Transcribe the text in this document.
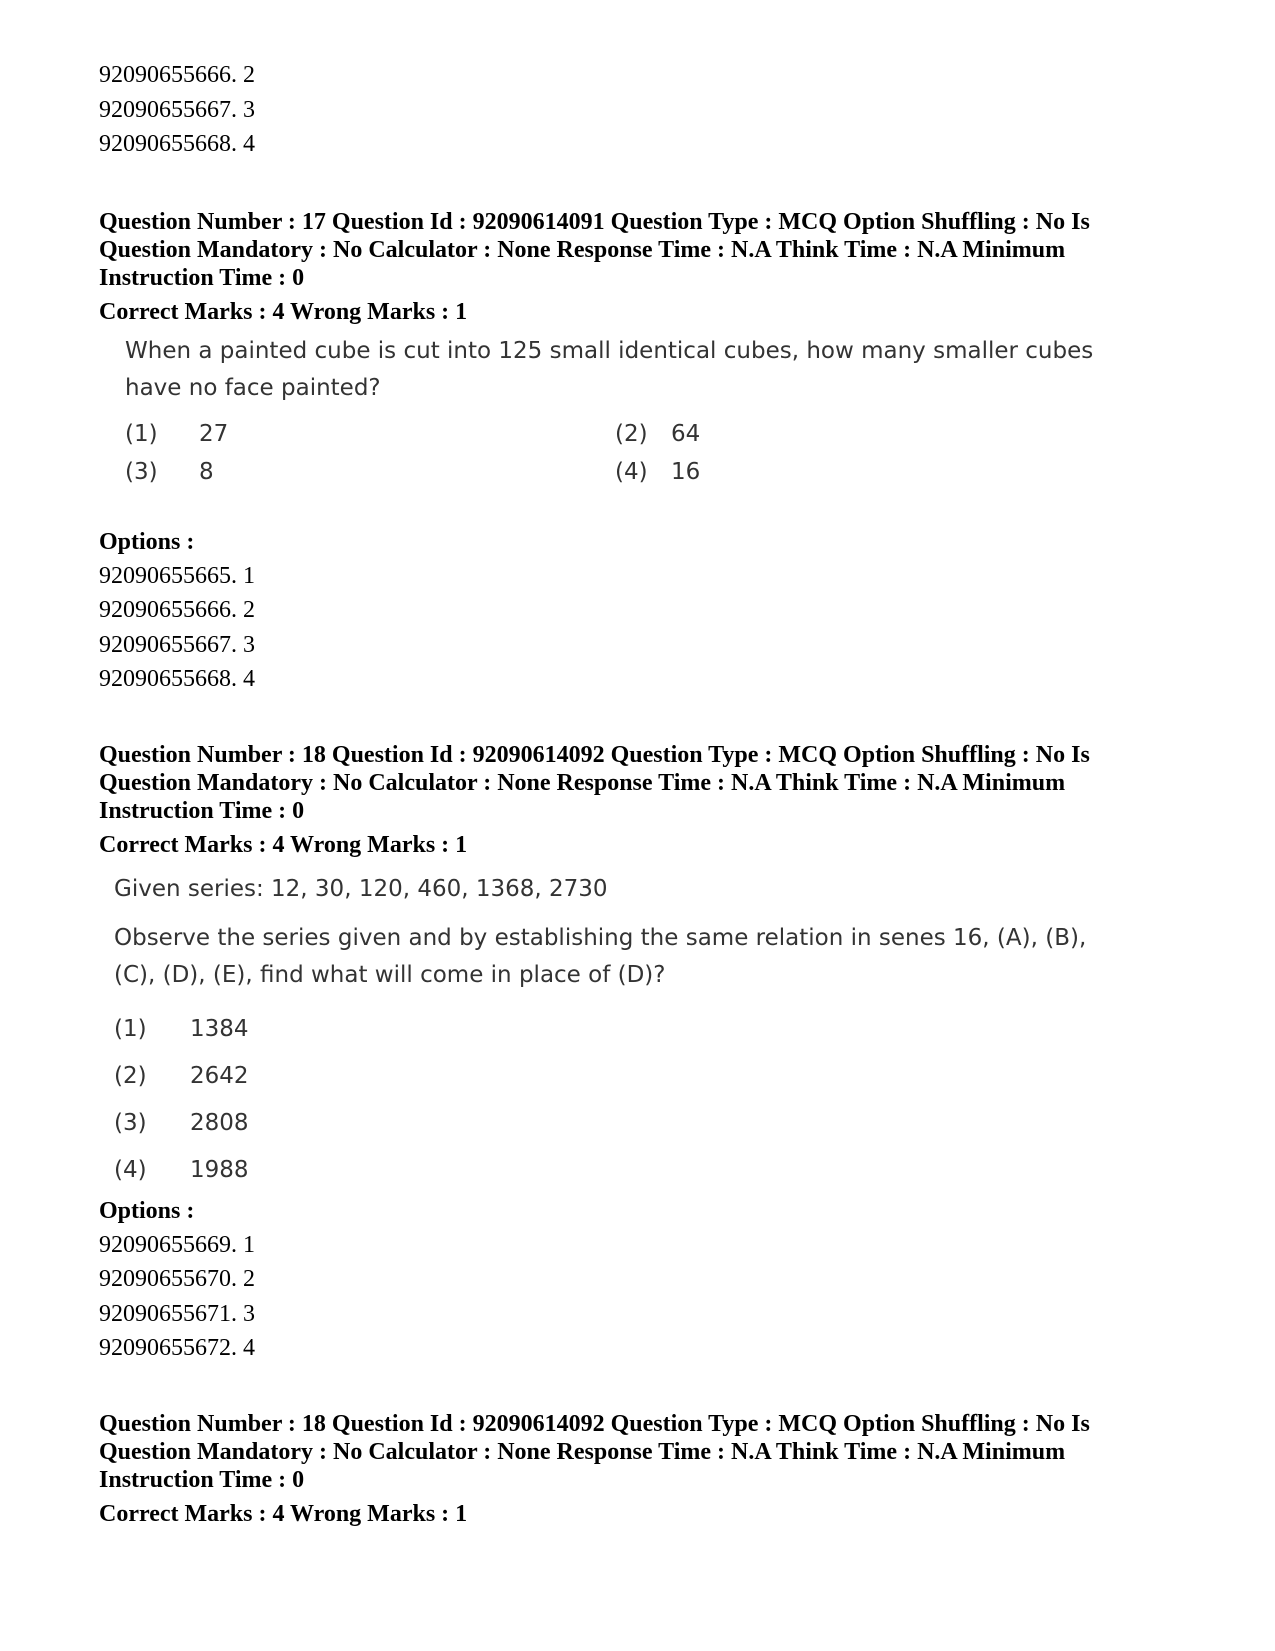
92090655666. 2
92090655667. 3
92090655668. 4
Question Number : 17 Question Id : 92090614091 Question Type : MCQ Option Shuffling : No Is Question Mandatory : No Calculator : None Response Time : N.A Think Time : N.A Minimum Instruction Time : 0
Correct Marks : 4 Wrong Marks : 1
When a painted cube is cut into 125 small identical cubes, how many smaller cubes have no face painted?
(1)	27	(2)	64
(3)	8	(4)	16
Options :
92090655665. 1
92090655666. 2
92090655667. 3
92090655668. 4
Question Number : 18 Question Id : 92090614092 Question Type : MCQ Option Shuffling : No Is Question Mandatory : No Calculator : None Response Time : N.A Think Time : N.A Minimum Instruction Time : 0
Correct Marks : 4 Wrong Marks : 1
Given series: 12, 30, 120, 460, 1368, 2730
Observe the series given and by establishing the same relation in senes 16, (A), (B), (C), (D), (E), find what will come in place of (D)?
(1)	1384
(2)	2642
(3)	2808
(4)	1988
Options :
92090655669. 1
92090655670. 2
92090655671. 3
92090655672. 4
Question Number : 18 Question Id : 92090614092 Question Type : MCQ Option Shuffling : No Is Question Mandatory : No Calculator : None Response Time : N.A Think Time : N.A Minimum Instruction Time : 0
Correct Marks : 4 Wrong Marks : 1
